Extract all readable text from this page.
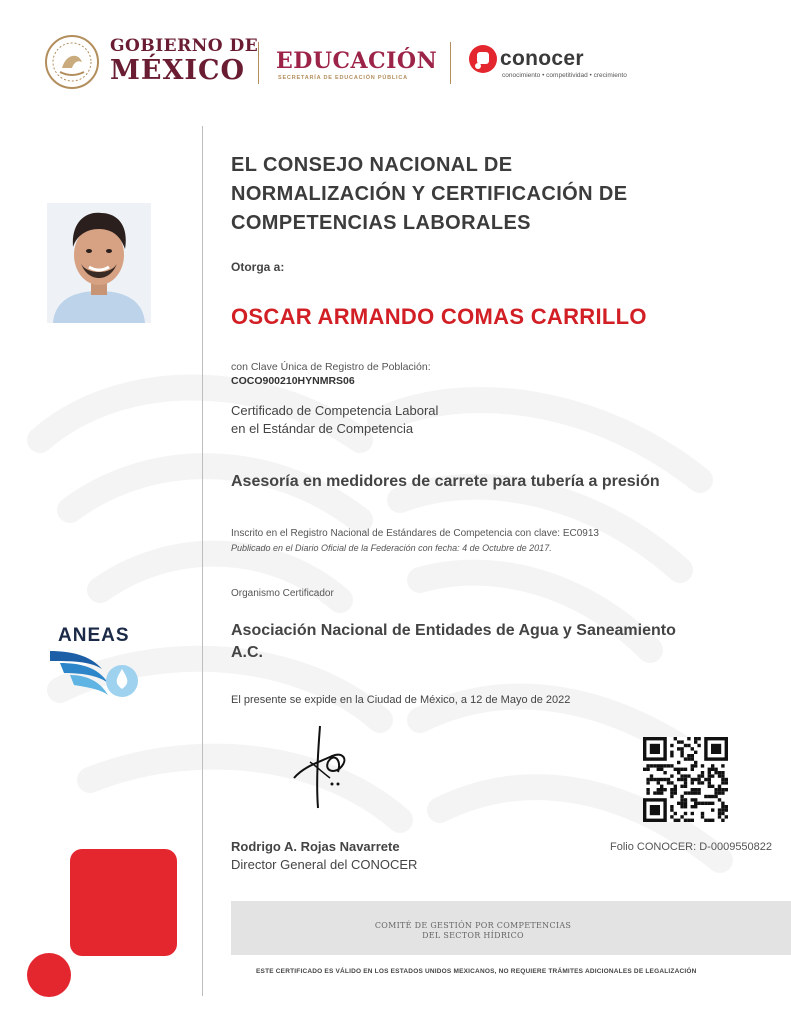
GOBIERNO DE
MÉXICO	EDUCACIÓN
SECRETARÍA DE EDUCACIÓN PÚBLICA
conocer
conocimiento • competitividad • crecimiento
ANEAS
EL CONSEJO NACIONAL DE NORMALIZACIÓN Y CERTIFICACIÓN DE COMPETENCIAS LABORALES
Otorga a:
OSCAR ARMANDO COMAS CARRILLO
con Clave Única de Registro de Población:
COCO900210HYNMRS06
Certificado de Competencia Laboral
en el Estándar de Competencia
Asesoría en medidores de carrete para tubería a presión
Inscrito en el Registro Nacional de Estándares de Competencia con clave: EC0913
Publicado en el Diario Oficial de la Federación con fecha: 4 de Octubre de 2017.
Organismo Certificador
Asociación Nacional de Entidades de Agua y Saneamiento A.C.
El presente se expide en la Ciudad de México, a 12 de Mayo de 2022
Rodrigo A. Rojas Navarrete
Director General del CONOCER
Folio CONOCER: D-0009550822
COMITÉ DE GESTIÓN POR COMPETENCIAS
DEL SECTOR HÍDRICO
ESTE CERTIFICADO ES VÁLIDO EN LOS ESTADOS UNIDOS MEXICANOS, NO REQUIERE TRÁMITES ADICIONALES DE LEGALIZACIÓN
